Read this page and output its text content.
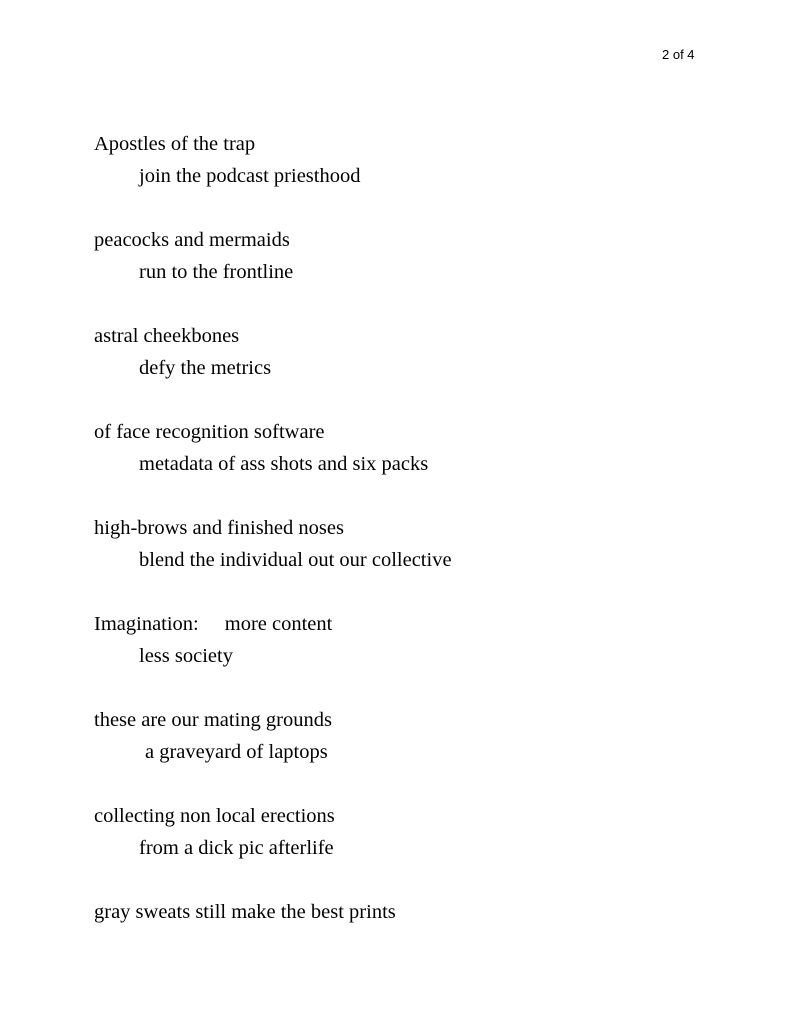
2 of 4
Apostles of the trap
join the podcast priesthood
peacocks and mermaids
run to the frontline
astral cheekbones
defy the metrics
of face recognition software
metadata of ass shots and six packs
high-brows and finished noses
blend the individual out our collective
Imagination: more content
less society
these are our mating grounds
a graveyard of laptops
collecting non local erections
from a dick pic afterlife
gray sweats still make the best prints
